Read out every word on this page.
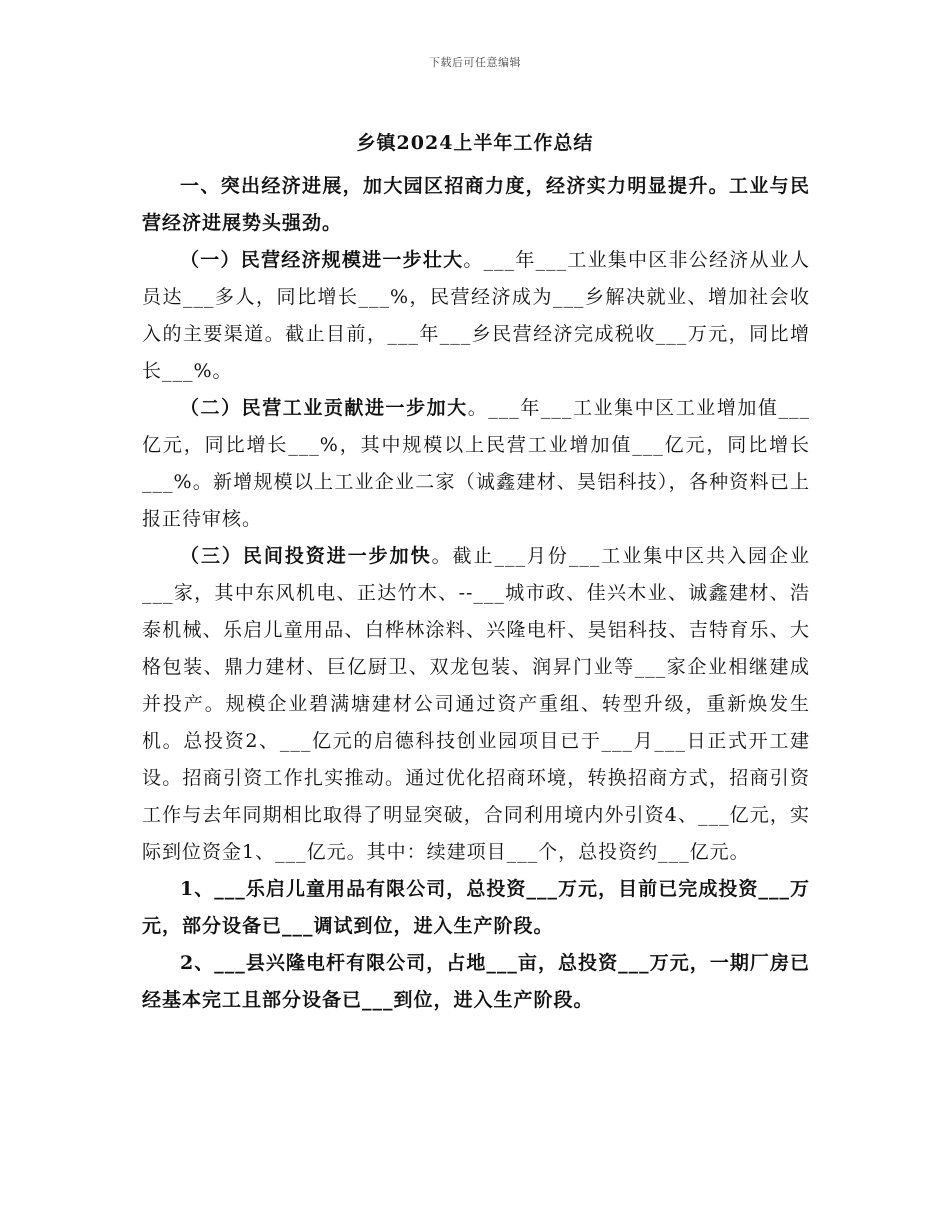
下载后可任意编辑
乡镇2024上半年工作总结

一、突出经济进展，加大园区招商力度，经济实力明显提升。工业与民营经济进展势头强劲。

（一）民营经济规模进一步壮大。___年___工业集中区非公经济从业人员达___多人，同比增长___%，民营经济成为___乡解决就业、增加社会收入的主要渠道。截止目前，___年___乡民营经济完成税收___万元，同比增长___%。

（二）民营工业贡献进一步加大。___年___工业集中区工业增加值___亿元，同比增长___%，其中规模以上民营工业增加值___亿元，同比增长___%。新增规模以上工业企业二家（诚鑫建材、昊铝科技），各种资料已上报正待审核。

（三）民间投资进一步加快。截止___月份___工业集中区共入园企业___家，其中东风机电、正达竹木、--___城市政、佳兴木业、诚鑫建材、浩泰机械、乐启儿童用品、白桦林涂料、兴隆电杆、昊铝科技、吉特育乐、大格包装、鼎力建材、巨亿厨卫、双龙包装、润昇门业等___家企业相继建成并投产。规模企业碧满塘建材公司通过资产重组、转型升级，重新焕发生机。总投资2、___亿元的启德科技创业园项目已于___月___日正式开工建设。招商引资工作扎实推动。通过优化招商环境，转换招商方式，招商引资工作与去年同期相比取得了明显突破，合同利用境内外引资4、___亿元，实际到位资金1、___亿元。其中：续建项目___个，总投资约___亿元。

1、___乐启儿童用品有限公司，总投资___万元，目前已完成投资___万元，部分设备已___调试到位，进入生产阶段。

2、___县兴隆电杆有限公司，占地___亩，总投资___万元，一期厂房已经基本完工且部分设备已___到位，进入生产阶段。
